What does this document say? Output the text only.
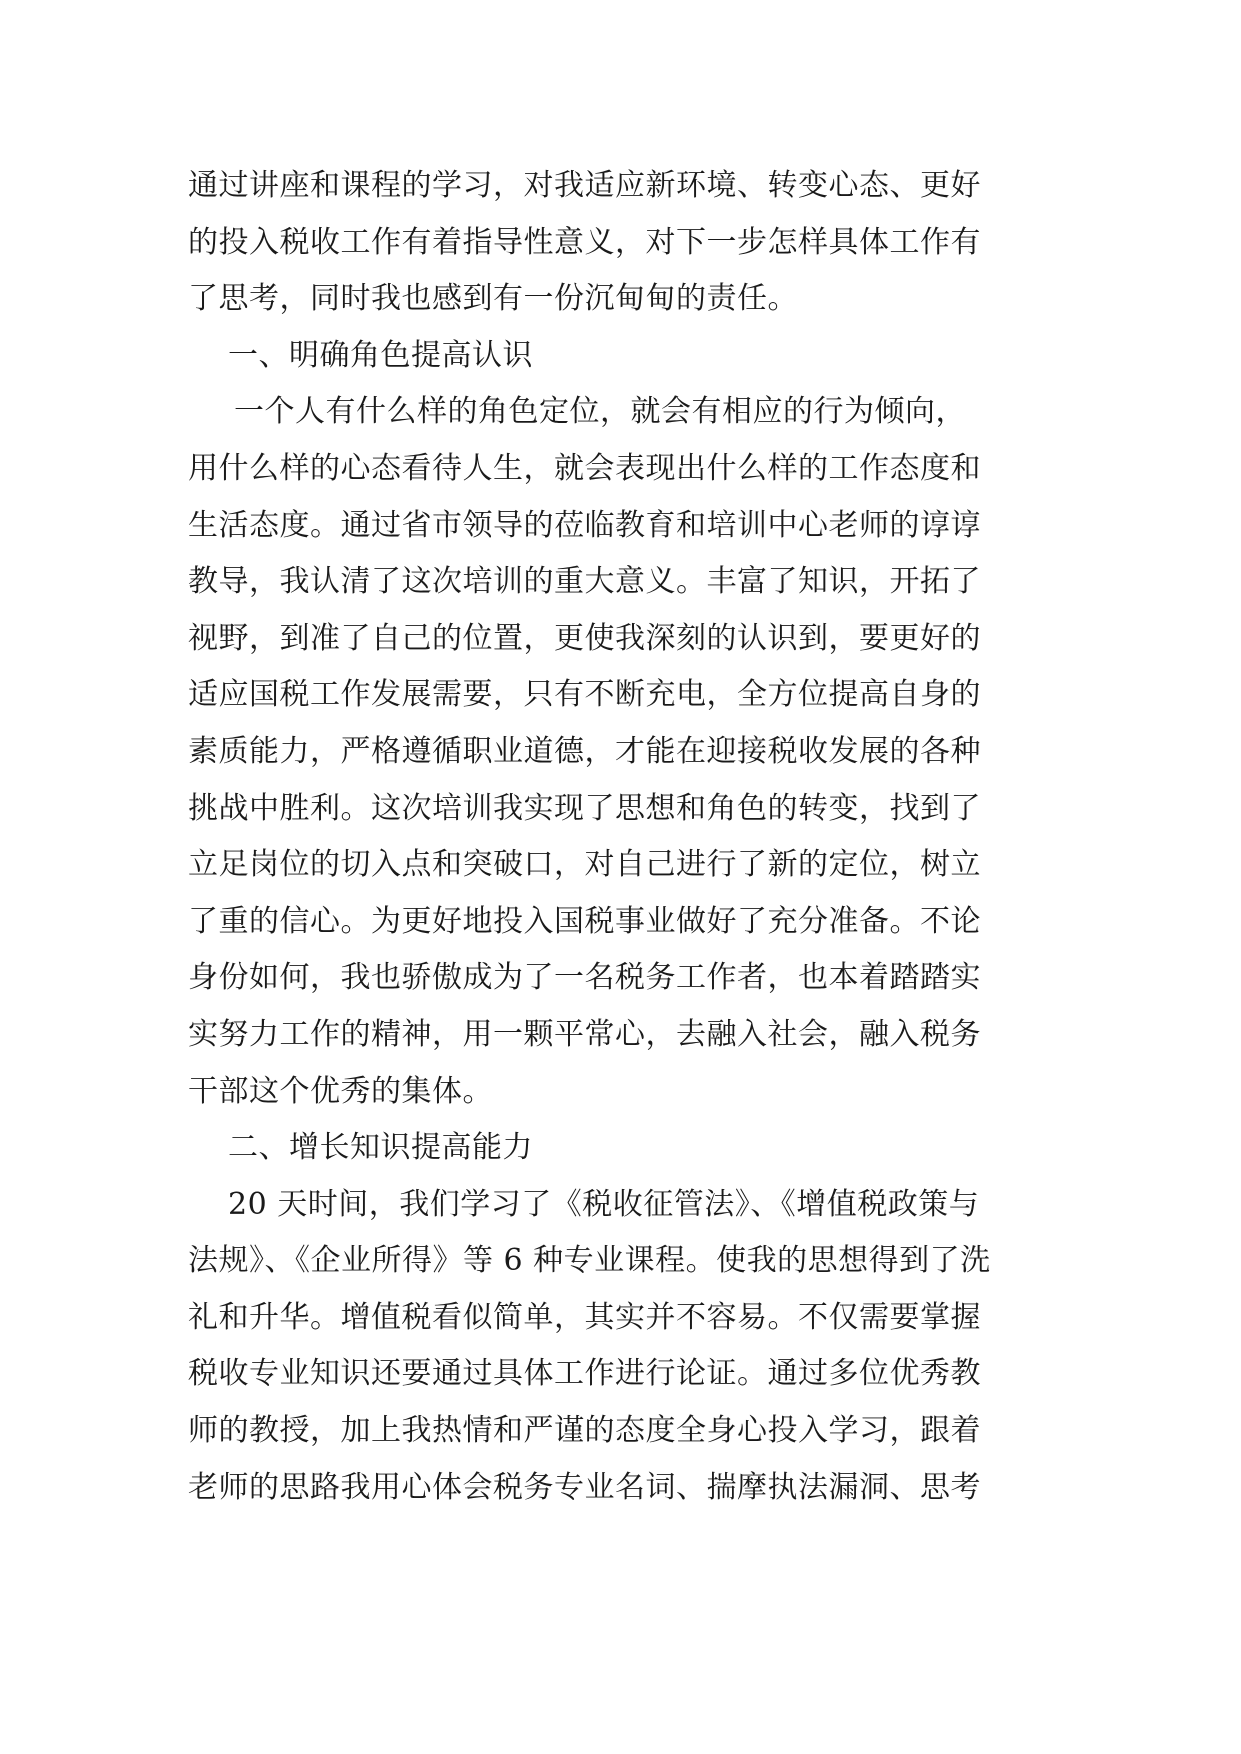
通过讲座和课程的学习，对我适应新环境、转变心态、更好
的投入税收工作有着指导性意义，对下一步怎样具体工作有
了思考，同时我也感到有一份沉甸甸的责任。
一、明确角色提高认识
一个人有什么样的角色定位，就会有相应的行为倾向，
用什么样的心态看待人生，就会表现出什么样的工作态度和
生活态度。通过省市领导的莅临教育和培训中心老师的谆谆
教导，我认清了这次培训的重大意义。丰富了知识，开拓了
视野，到准了自己的位置，更使我深刻的认识到，要更好的
适应国税工作发展需要，只有不断充电，全方位提高自身的
素质能力，严格遵循职业道德，才能在迎接税收发展的各种
挑战中胜利。这次培训我实现了思想和角色的转变，找到了
立足岗位的切入点和突破口，对自己进行了新的定位，树立
了重的信心。为更好地投入国税事业做好了充分准备。不论
身份如何，我也骄傲成为了一名税务工作者，也本着踏踏实
实努力工作的精神，用一颗平常心，去融入社会，融入税务
干部这个优秀的集体。
二、增长知识提高能力
20 天时间，我们学习了《税收征管法》、《增值税政策与
法规》、《企业所得》等 6 种专业课程。使我的思想得到了洗
礼和升华。增值税看似简单，其实并不容易。不仅需要掌握
税收专业知识还要通过具体工作进行论证。通过多位优秀教
师的教授，加上我热情和严谨的态度全身心投入学习，跟着
老师的思路我用心体会税务专业名词、揣摩执法漏洞、思考
